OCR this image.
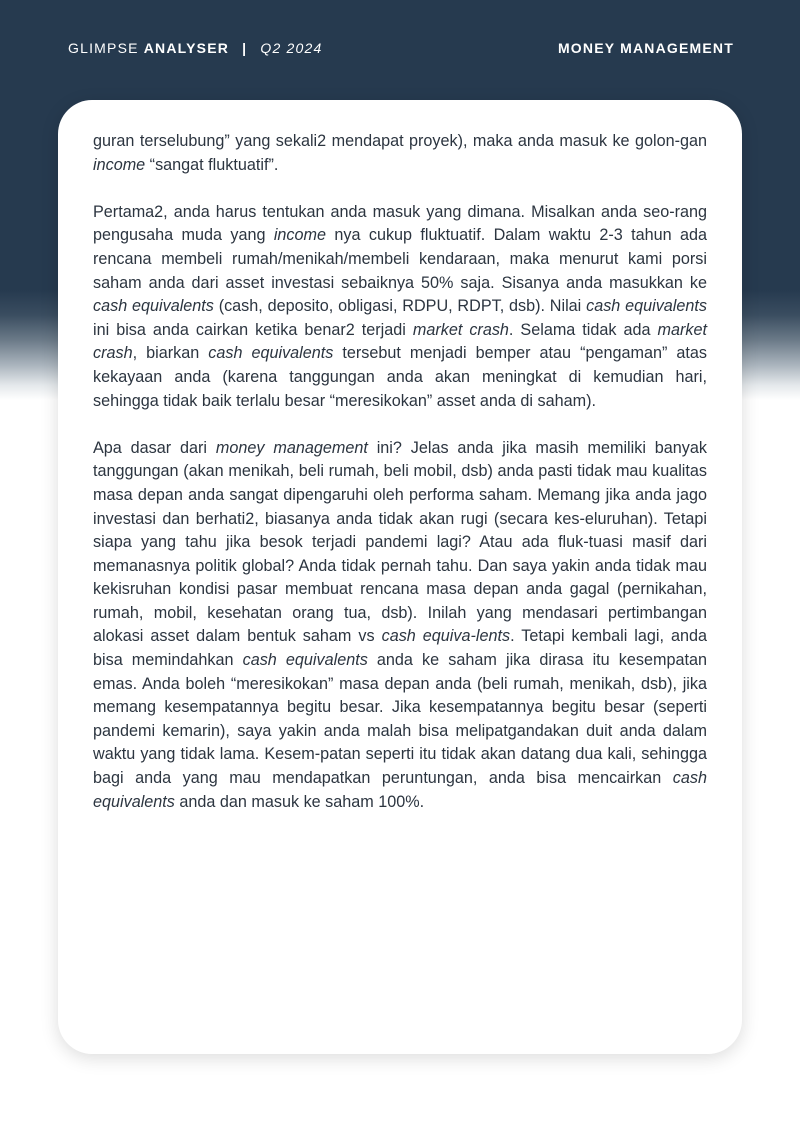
GLIMPSE ANALYSER | Q2 2024	MONEY MANAGEMENT

guran terselubung” yang sekali2 mendapat proyek), maka anda masuk ke golon-gan income “sangat fluktuatif”.

Pertama2, anda harus tentukan anda masuk yang dimana. Misalkan anda seo-rang pengusaha muda yang income nya cukup fluktuatif. Dalam waktu 2-3 tahun ada rencana membeli rumah/menikah/membeli kendaraan, maka menurut kami porsi saham anda dari asset investasi sebaiknya 50% saja. Sisanya anda masukkan ke cash equivalents (cash, deposito, obligasi, RDPU, RDPT, dsb). Nilai cash equivalents ini bisa anda cairkan ketika benar2 terjadi market crash. Selama tidak ada market crash, biarkan cash equivalents tersebut menjadi bemper atau “pengaman” atas kekayaan anda (karena tanggungan anda akan meningkat di kemudian hari, sehingga tidak baik terlalu besar “meresikokan” asset anda di saham).

Apa dasar dari money management ini? Jelas anda jika masih memiliki banyak tanggungan (akan menikah, beli rumah, beli mobil, dsb) anda pasti tidak mau kualitas masa depan anda sangat dipengaruhi oleh performa saham. Memang jika anda jago investasi dan berhati2, biasanya anda tidak akan rugi (secara kes-eluruhan). Tetapi siapa yang tahu jika besok terjadi pandemi lagi? Atau ada fluk-tuasi masif dari memanasnya politik global? Anda tidak pernah tahu. Dan saya yakin anda tidak mau kekisruhan kondisi pasar membuat rencana masa depan anda gagal (pernikahan, rumah, mobil, kesehatan orang tua, dsb). Inilah yang mendasari pertimbangan alokasi asset dalam bentuk saham vs cash equiva-lents. Tetapi kembali lagi, anda bisa memindahkan cash equivalents anda ke saham jika dirasa itu kesempatan emas. Anda boleh “meresikokan” masa depan anda (beli rumah, menikah, dsb), jika memang kesempatannya begitu besar. Jika kesempatannya begitu besar (seperti pandemi kemarin), saya yakin anda malah bisa melipatgandakan duit anda dalam waktu yang tidak lama. Kesem-patan seperti itu tidak akan datang dua kali, sehingga bagi anda yang mau mendapatkan peruntungan, anda bisa mencairkan cash equivalents anda dan masuk ke saham 100%.
